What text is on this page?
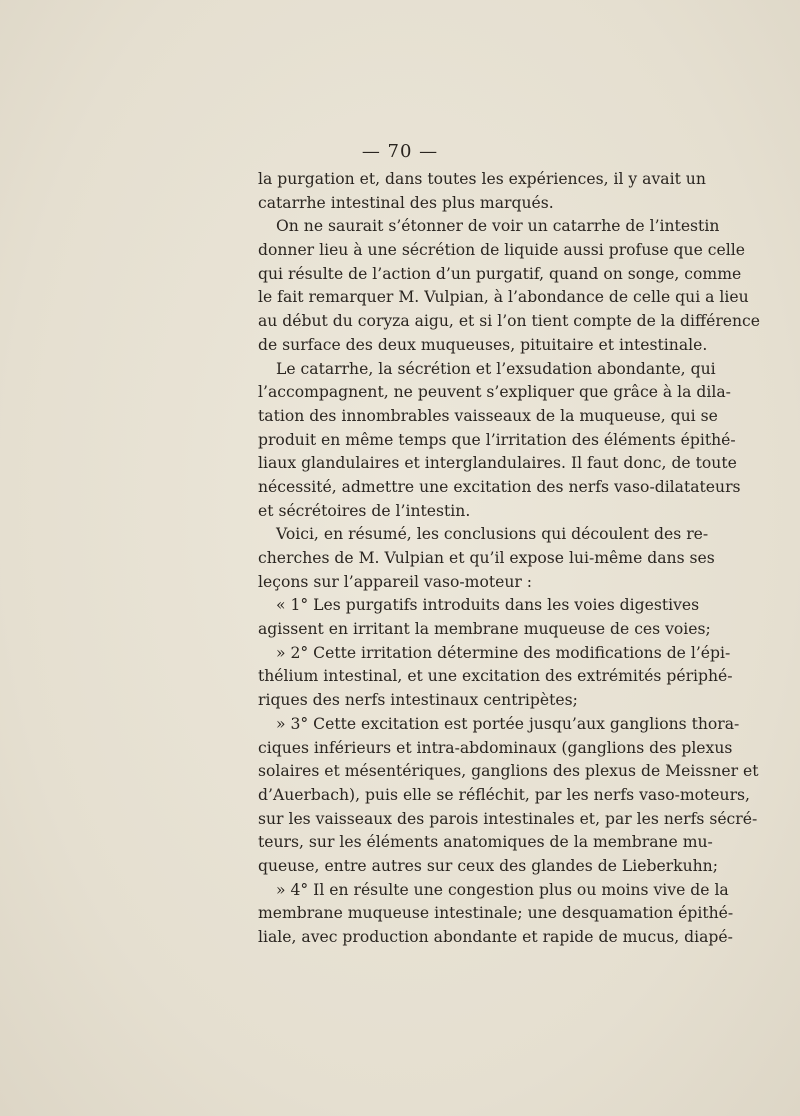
— 70 —
la purgation et, dans toutes les expériences, il y avait un
catarrhe intestinal des plus marqués.
On ne saurait s’étonner de voir un catarrhe de l’intestin
donner lieu à une sécrétion de liquide aussi profuse que celle
qui résulte de l’action d’un purgatif, quand on songe, comme
le fait remarquer M. Vulpian, à l’abondance de celle qui a lieu
au début du coryza aigu, et si l’on tient compte de la différence
de surface des deux muqueuses, pituitaire et intestinale.
Le catarrhe, la sécrétion et l’exsudation abondante, qui
l’accompagnent, ne peuvent s’expliquer que grâce à la dila-
tation des innombrables vaisseaux de la muqueuse, qui se
produit en même temps que l’irritation des éléments épithé-
liaux glandulaires et interglandulaires. Il faut donc, de toute
nécessité, admettre une excitation des nerfs vaso-dilatateurs
et sécrétoires de l’intestin.
Voici, en résumé, les conclusions qui découlent des re-
cherches de M. Vulpian et qu’il expose lui-même dans ses
leçons sur l’appareil vaso-moteur :
« 1° Les purgatifs introduits dans les voies digestives
agissent en irritant la membrane muqueuse de ces voies;
» 2° Cette irritation détermine des modifications de l’épi-
thélium intestinal, et une excitation des extrémités périphé-
riques des nerfs intestinaux centripètes;
» 3° Cette excitation est portée jusqu’aux ganglions thora-
ciques inférieurs et intra-abdominaux (ganglions des plexus
solaires et mésentériques, ganglions des plexus de Meissner et
d’Auerbach), puis elle se réfléchit, par les nerfs vaso-moteurs,
sur les vaisseaux des parois intestinales et, par les nerfs sécré-
teurs, sur les éléments anatomiques de la membrane mu-
queuse, entre autres sur ceux des glandes de Lieberkuhn;
» 4° Il en résulte une congestion plus ou moins vive de la
membrane muqueuse intestinale; une desquamation épithé-
liale, avec production abondante et rapide de mucus, diapé-
